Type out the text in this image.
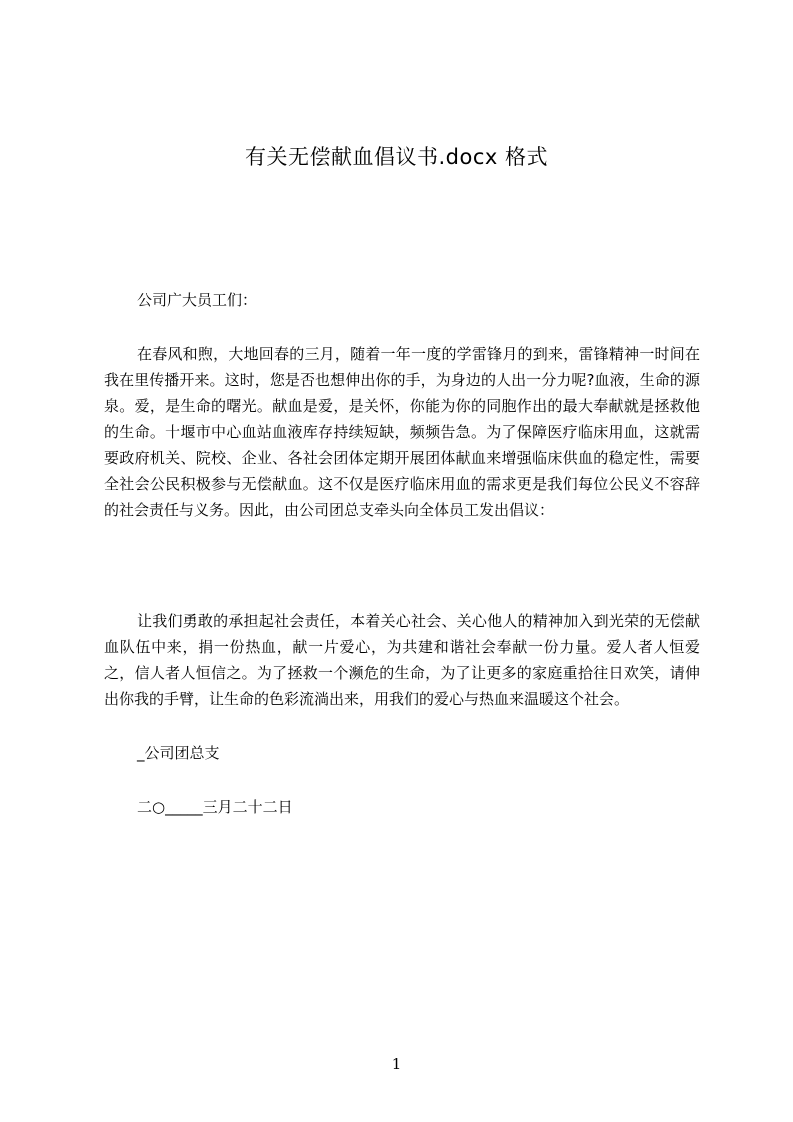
有关无偿献血倡议书.docx 格式
公司广大员工们：

在春风和煦，大地回春的三月，随着一年一度的学雷锋月的到来，雷锋精神一时间在我在里传播开来。这时，您是否也想伸出你的手，为身边的人出一分力呢?血液，生命的源泉。爱，是生命的曙光。献血是爱，是关怀，你能为你的同胞作出的最大奉献就是拯救他的生命。十堰市中心血站血液库存持续短缺，频频告急。为了保障医疗临床用血，这就需要政府机关、院校、企业、各社会团体定期开展团体献血来增强临床供血的稳定性，需要全社会公民积极参与无偿献血。这不仅是医疗临床用血的需求更是我们每位公民义不容辞的社会责任与义务。因此，由公司团总支牵头向全体员工发出倡议：

让我们勇敢的承担起社会责任，本着关心社会、关心他人的精神加入到光荣的无偿献血队伍中来，捐一份热血，献一片爱心，为共建和谐社会奉献一份力量。爱人者人恒爱之，信人者人恒信之。为了拯救一个濒危的生命，为了让更多的家庭重拾往日欢笑，请伸出你我的手臂，让生命的色彩流淌出来，用我们的爱心与热血来温暖这个社会。

_公司团总支
二○_____三月二十二日
1
